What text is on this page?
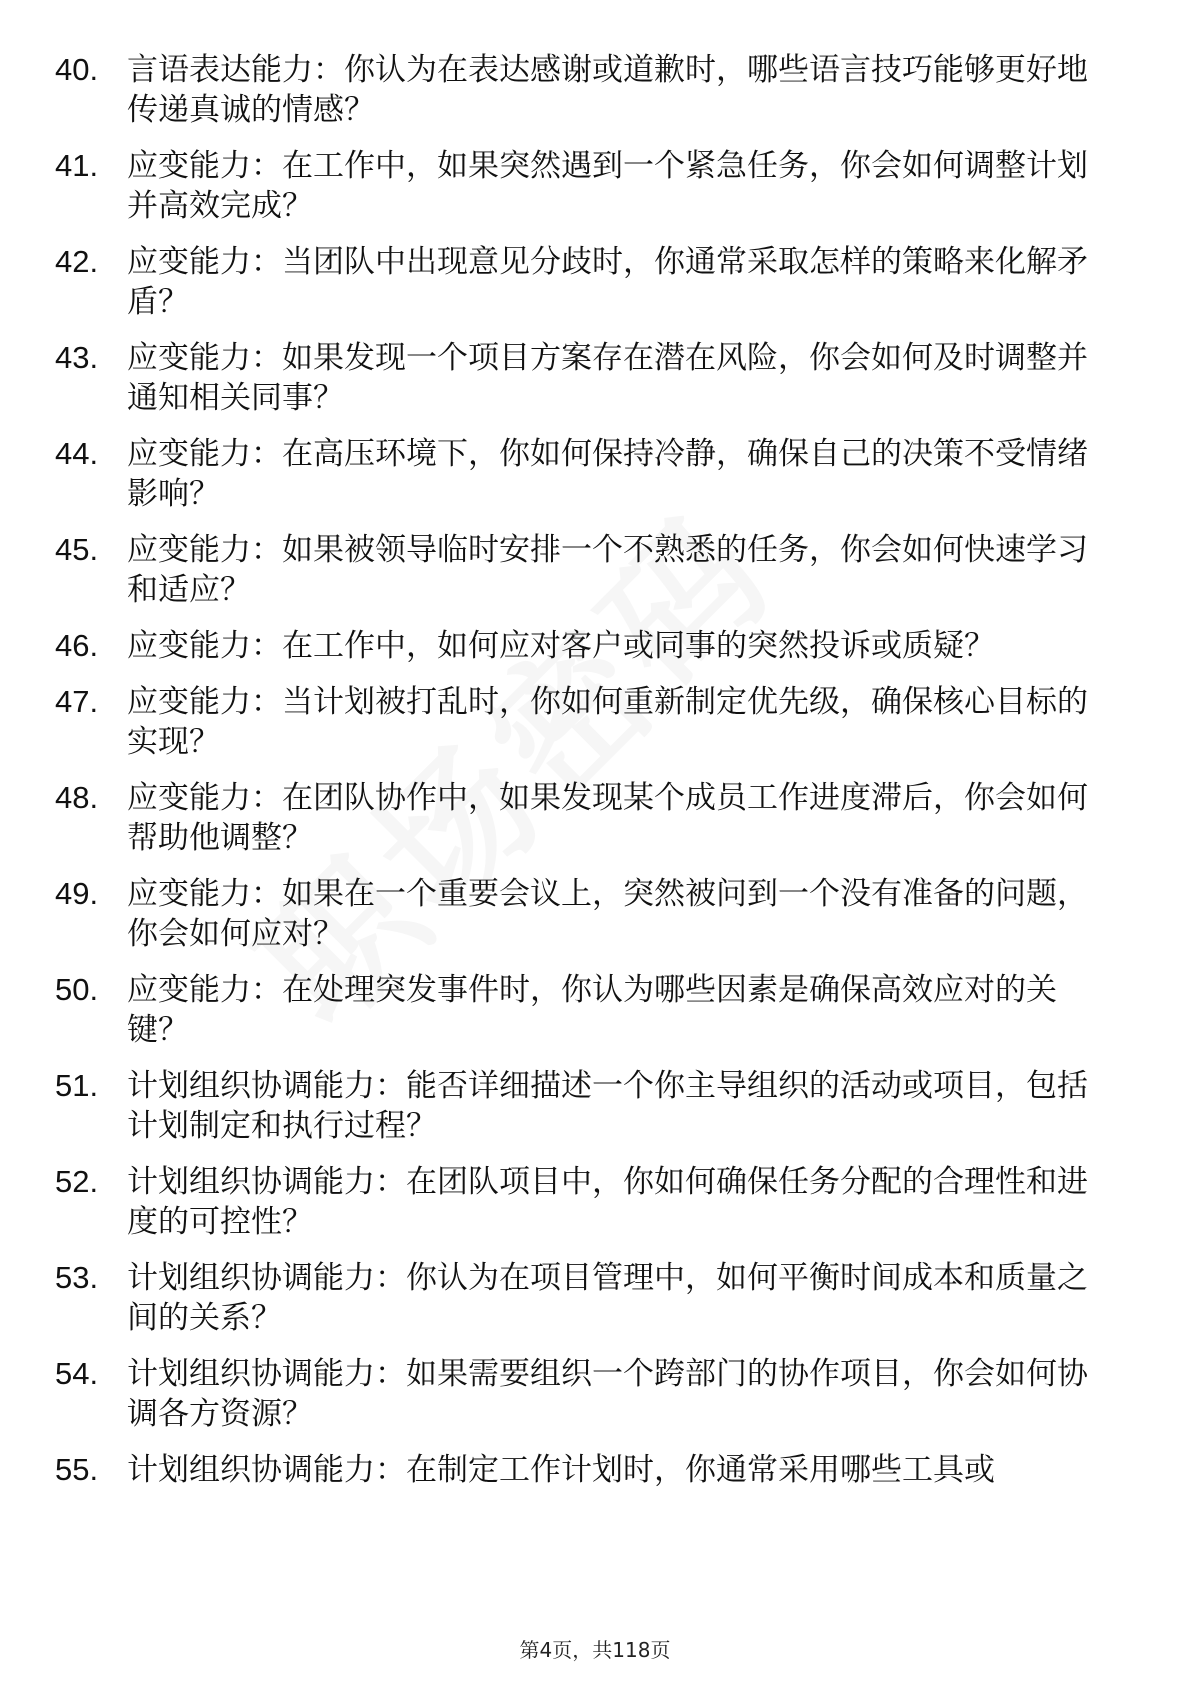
40. 言语表达能力：你认为在表达感谢或道歉时，哪些语言技巧能够更好地传递真诚的情感？
41. 应变能力：在工作中，如果突然遇到一个紧急任务，你会如何调整计划并高效完成？
42. 应变能力：当团队中出现意见分歧时，你通常采取怎样的策略来化解矛盾？
43. 应变能力：如果发现一个项目方案存在潜在风险，你会如何及时调整并通知相关同事？
44. 应变能力：在高压环境下，你如何保持冷静，确保自己的决策不受情绪影响？
45. 应变能力：如果被领导临时安排一个不熟悉的任务，你会如何快速学习和适应？
46. 应变能力：在工作中，如何应对客户或同事的突然投诉或质疑？
47. 应变能力：当计划被打乱时，你如何重新制定优先级，确保核心目标的实现？
48. 应变能力：在团队协作中，如果发现某个成员工作进度滞后，你会如何帮助他调整？
49. 应变能力：如果在一个重要会议上，突然被问到一个没有准备的问题，你会如何应对？
50. 应变能力：在处理突发事件时，你认为哪些因素是确保高效应对的关键？
51. 计划组织协调能力：能否详细描述一个你主导组织的活动或项目，包括计划制定和执行过程？
52. 计划组织协调能力：在团队项目中，你如何确保任务分配的合理性和进度的可控性？
53. 计划组织协调能力：你认为在项目管理中，如何平衡时间成本和质量之间的关系？
54. 计划组织协调能力：如果需要组织一个跨部门的协作项目，你会如何协调各方资源？
55. 计划组织协调能力：在制定工作计划时，你通常采用哪些工具或
第4页，共118页
